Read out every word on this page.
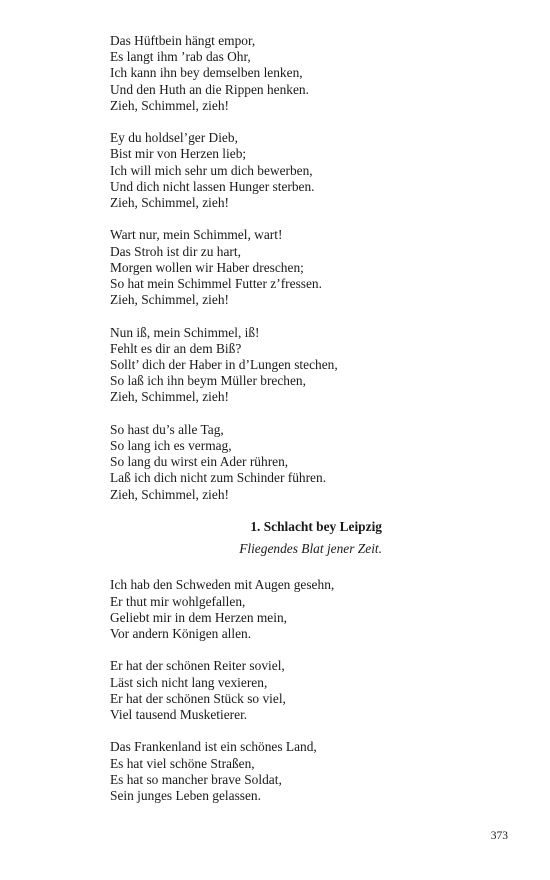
Das Hüftbein hängt empor,
Es langt ihm ’rab das Ohr,
Ich kann ihn bey demselben lenken,
Und den Huth an die Rippen henken.
Zieh, Schimmel, zieh!
Ey du holdsel’ger Dieb,
Bist mir von Herzen lieb;
Ich will mich sehr um dich bewerben,
Und dich nicht lassen Hunger sterben.
Zieh, Schimmel, zieh!
Wart nur, mein Schimmel, wart!
Das Stroh ist dir zu hart,
Morgen wollen wir Haber dreschen;
So hat mein Schimmel Futter z’fressen.
Zieh, Schimmel, zieh!
Nun iß, mein Schimmel, iß!
Fehlt es dir an dem Biß?
Sollt’ dich der Haber in d’Lungen stechen,
So laß ich ihn beym Müller brechen,
Zieh, Schimmel, zieh!
So hast du’s alle Tag,
So lang ich es vermag,
So lang du wirst ein Ader rühren,
Laß ich dich nicht zum Schinder führen.
Zieh, Schimmel, zieh!
1. Schlacht bey Leipzig
Fliegendes Blat jener Zeit.
Ich hab den Schweden mit Augen gesehn,
Er thut mir wohlgefallen,
Geliebt mir in dem Herzen mein,
Vor andern Königen allen.
Er hat der schönen Reiter soviel,
Läst sich nicht lang vexieren,
Er hat der schönen Stück so viel,
Viel tausend Musketierer.
Das Frankenland ist ein schönes Land,
Es hat viel schöne Straßen,
Es hat so mancher brave Soldat,
Sein junges Leben gelassen.
373
